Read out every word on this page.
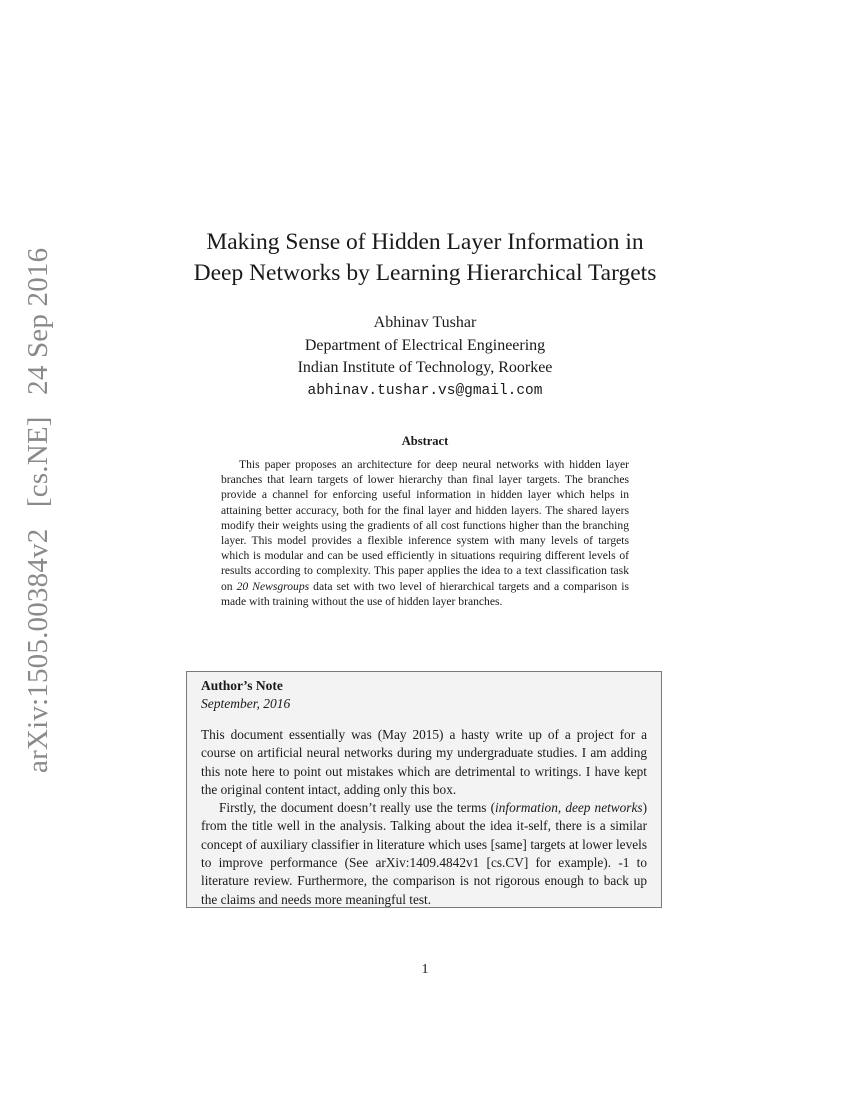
arXiv:1505.00384v2 [cs.NE] 24 Sep 2016
Making Sense of Hidden Layer Information in
Deep Networks by Learning Hierarchical Targets
Abhinav Tushar
Department of Electrical Engineering
Indian Institute of Technology, Roorkee
abhinav.tushar.vs@gmail.com
Abstract

This paper proposes an architecture for deep neural networks with hidden layer branches that learn targets of lower hierarchy than final layer targets. The branches provide a channel for enforcing useful information in hidden layer which helps in attaining better accuracy, both for the final layer and hidden layers. The shared layers modify their weights using the gradients of all cost functions higher than the branching layer. This model provides a flexible inference system with many levels of targets which is modular and can be used efficiently in situations requiring different levels of results according to complexity. This paper applies the idea to a text classification task on 20 Newsgroups data set with two level of hierarchical targets and a comparison is made with training without the use of hidden layer branches.

Author’s Note
September, 2016

This document essentially was (May 2015) a hasty write up of a project for a course on artificial neural networks during my undergraduate studies. I am adding this note here to point out mistakes which are detrimental to writings. I have kept the original content intact, adding only this box.

Firstly, the document doesn’t really use the terms (information, deep networks) from the title well in the analysis. Talking about the idea it-self, there is a similar concept of auxiliary classifier in literature which uses [same] targets at lower levels to improve performance (See arXiv:1409.4842v1 [cs.CV] for example). -1 to literature review. Furthermore, the comparison is not rigorous enough to back up the claims and needs more meaningful test.

1
